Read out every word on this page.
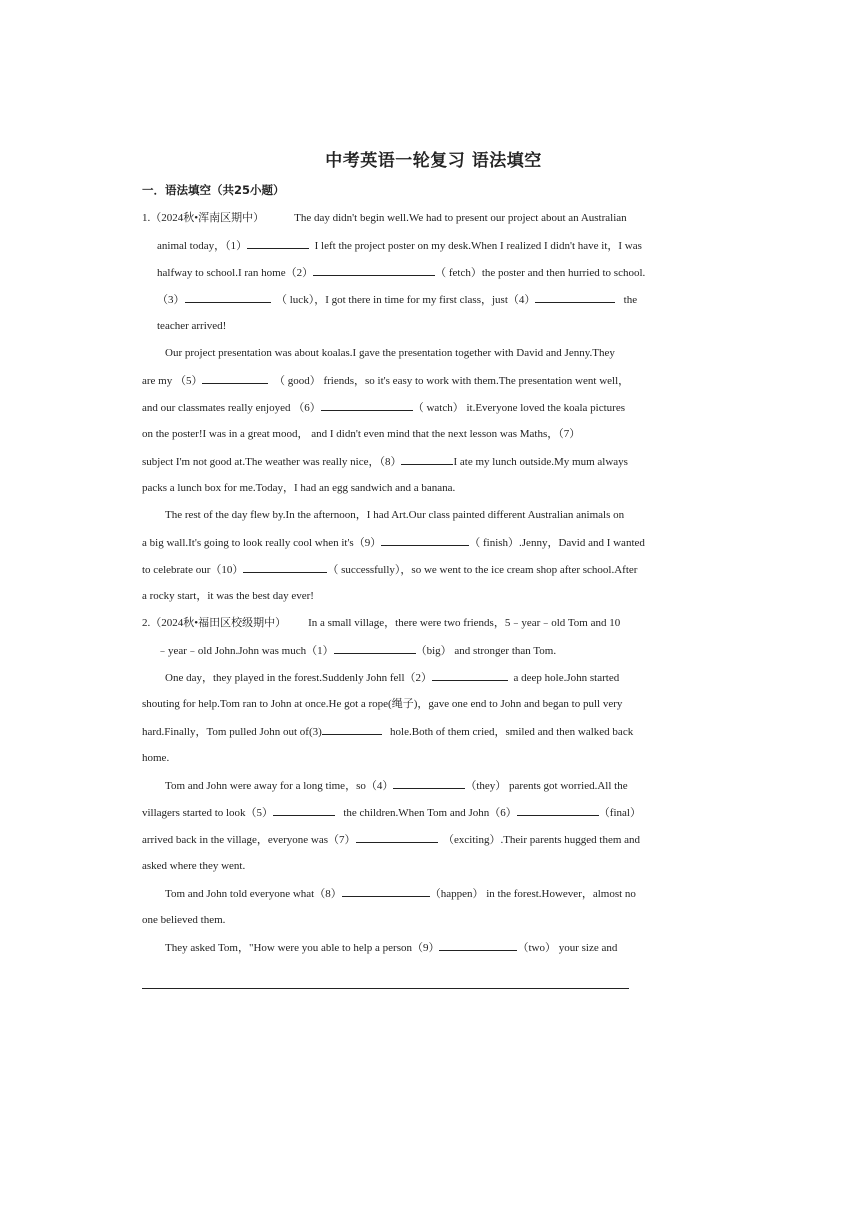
中考英语一轮复习 语法填空
一．语法填空（共25小题）
1.（2024秋•浑南区期中）	The day didn't begin well.We had to present our project about an Australian
animal today，（1）	I left the project poster on my desk.When I realized I didn't have it，I was
halfway to school.I ran home（2）	（ fetch）the poster and then hurried to school.
（3）	（ luck），I got there in time for my first class，just（4）	the
teacher arrived!
Our project presentation was about koalas.I gave the presentation together with David and Jenny.They
are my （5）	（ good） friends，so it's easy to work with them.The presentation went well，
and our classmates really enjoyed （6）	（ watch） it.Everyone loved the koala pictures
on the poster!I was in a great mood， and I didn't even mind that the next lesson was Maths，（7）
subject I'm not good at.The weather was really nice，（8）	I ate my lunch outside.My mum always
packs a lunch box for me.Today，I had an egg sandwich and a banana.
The rest of the day flew by.In the afternoon，I had Art.Our class painted different Australian animals on
a big wall.It's going to look really cool when it's（9）	（ finish）.Jenny，David and I wanted
to celebrate our（10）	（ successfully），so we went to the ice cream shop after school.After
a rocky start，it was the best day ever!
2.（2024秋•福田区校级期中） In a small village，there were two friends，5﹣year﹣old Tom and 10
﹣year﹣old John.John was much（1）	（big） and stronger than Tom.
One day，they played in the forest.Suddenly John fell（2）	a deep hole.John started
shouting for help.Tom ran to John at once.He got a rope(绳子)，gave one end to John and began to pull very
hard.Finally，Tom pulled John out of(3)	hole.Both of them cried，smiled and then walked back
home.
Tom and John were away for a long time，so（4）	（they） parents got worried.All the
villagers started to look（5）	the children.When Tom and John（6）	（final）
arrived back in the village，everyone was（7）	（exciting）.Their parents hugged them and
asked where they went.
Tom and John told everyone what（8）	（happen） in the forest.However，almost no
one believed them.
They asked Tom，"How were you able to help a person（9）	（two） your size and
